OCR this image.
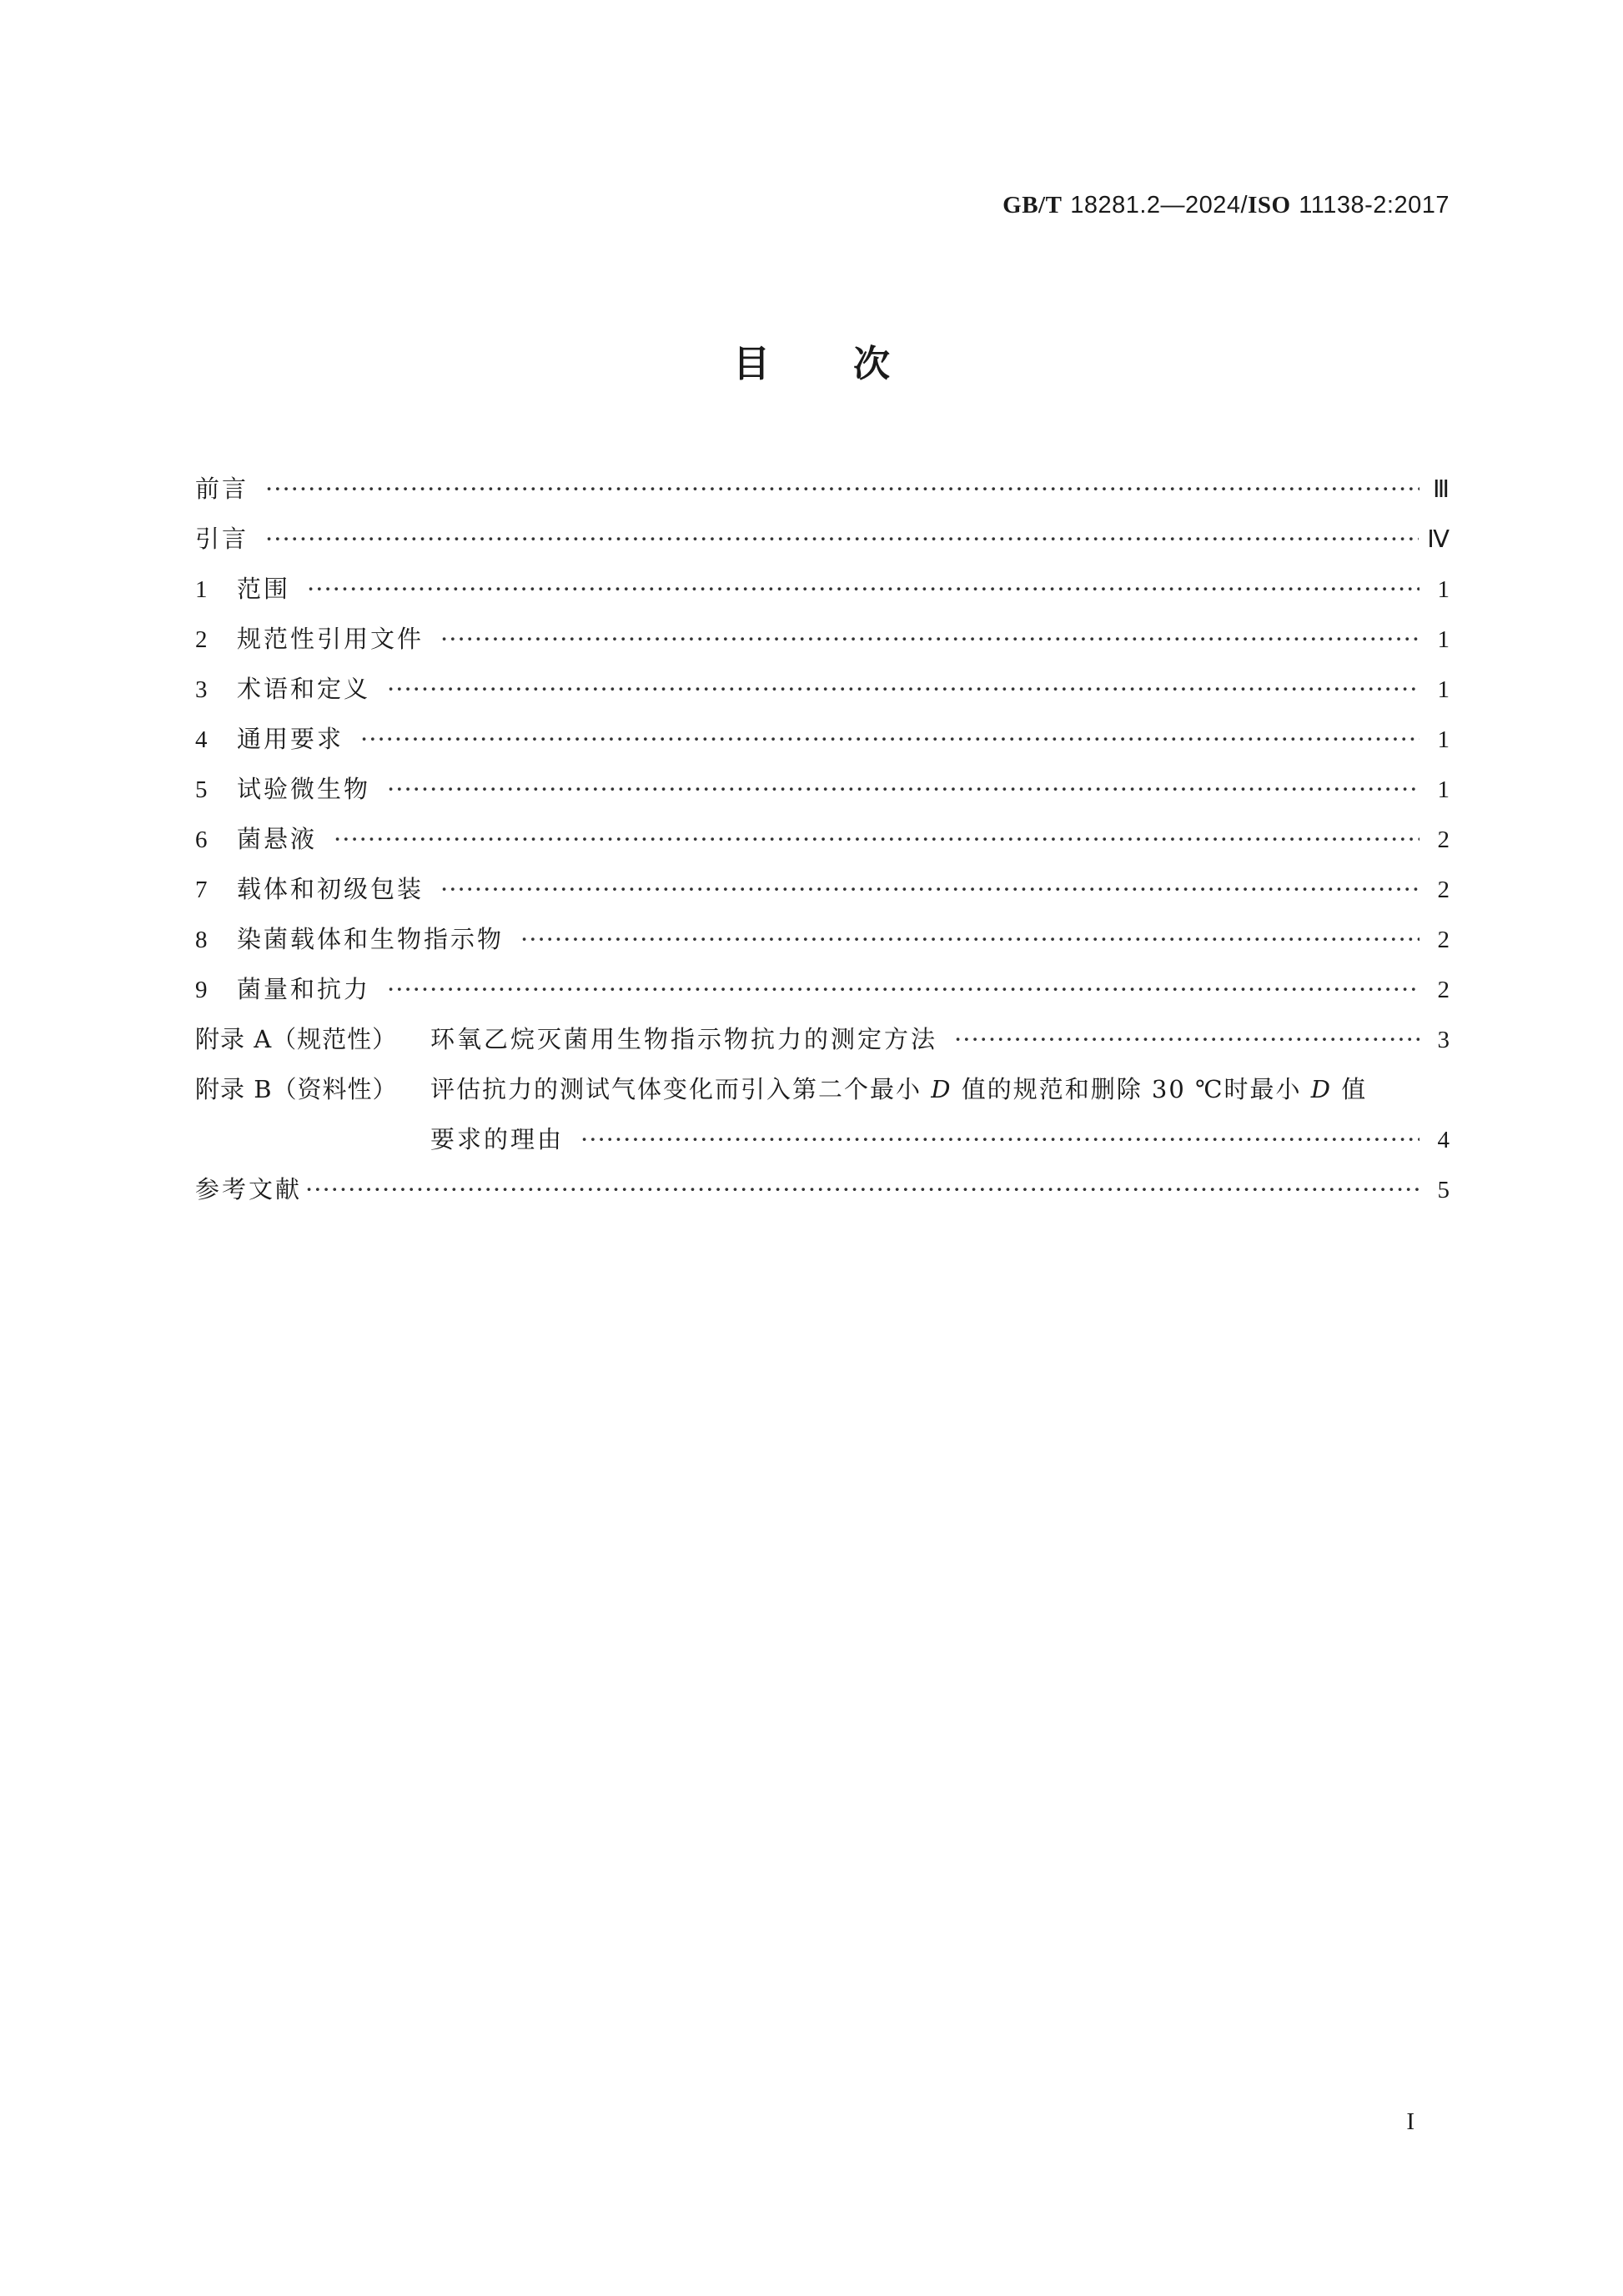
GB/T 18281.2—2024/ISO 11138-2:2017
目 次
前言 ·····	Ⅲ
引言 ·····	Ⅳ
1	范围 ·····	1
2	规范性引用文件 ·····	1
3	术语和定义 ·····	1
4	通用要求 ·····	1
5	试验微生物 ·····	1
6	菌悬液 ·····	2
7	载体和初级包装 ·····	2
8	染菌载体和生物指示物 ·····	2
9	菌量和抗力 ·····	2
附录 A（规范性）	环氧乙烷灭菌用生物指示物抗力的测定方法 ·····	3
附录 B（资料性）	评估抗力的测试气体变化而引入第二个最小 D 值的规范和删除 30 ℃时最小 D 值
要求的理由 ·····	4
参考文献 ·····	5
I
